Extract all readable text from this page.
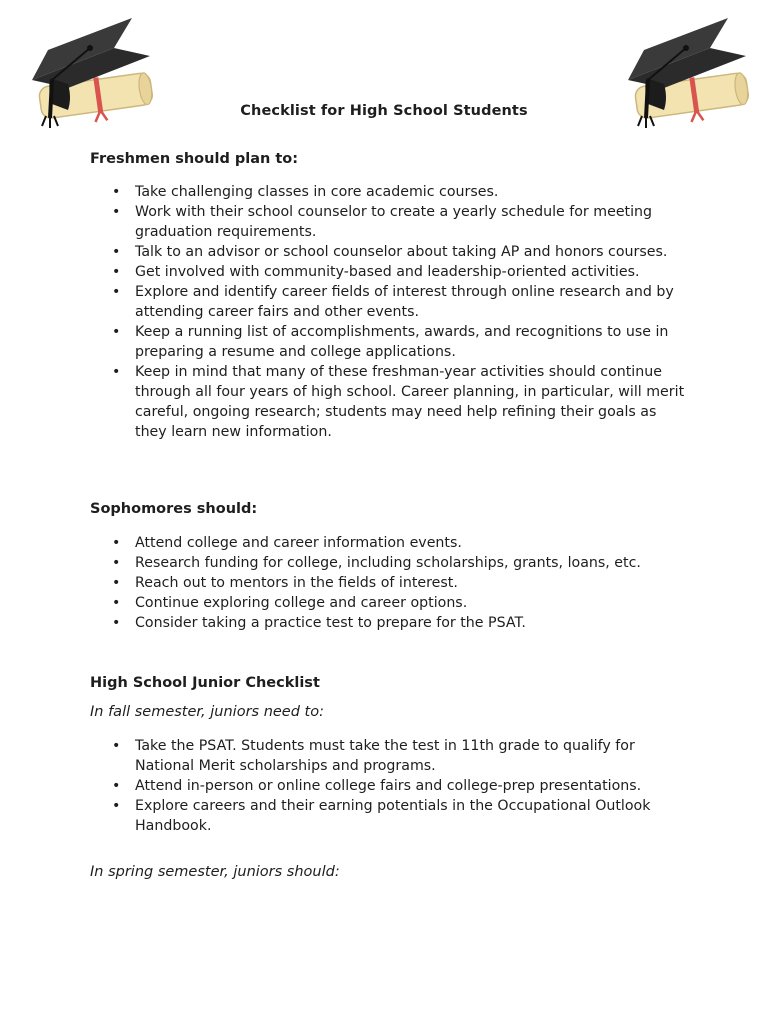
Checklist for High School Students
Freshmen should plan to:
• Take challenging classes in core academic courses.
• Work with their school counselor to create a yearly schedule for meeting graduation requirements.
• Talk to an advisor or school counselor about taking AP and honors courses.
• Get involved with community-based and leadership-oriented activities.
• Explore and identify career fields of interest through online research and by attending career fairs and other events.
• Keep a running list of accomplishments, awards, and recognitions to use in preparing a resume and college applications.
• Keep in mind that many of these freshman-year activities should continue through all four years of high school. Career planning, in particular, will merit careful, ongoing research; students may need help refining their goals as they learn new information.
Sophomores should:
• Attend college and career information events.
• Research funding for college, including scholarships, grants, loans, etc.
• Reach out to mentors in the fields of interest.
• Continue exploring college and career options.
• Consider taking a practice test to prepare for the PSAT.
High School Junior Checklist

In fall semester, juniors need to:

• Take the PSAT. Students must take the test in 11th grade to qualify for National Merit scholarships and programs.
• Attend in-person or online college fairs and college-prep presentations.
• Explore careers and their earning potentials in the Occupational Outlook Handbook.

In spring semester, juniors should:
